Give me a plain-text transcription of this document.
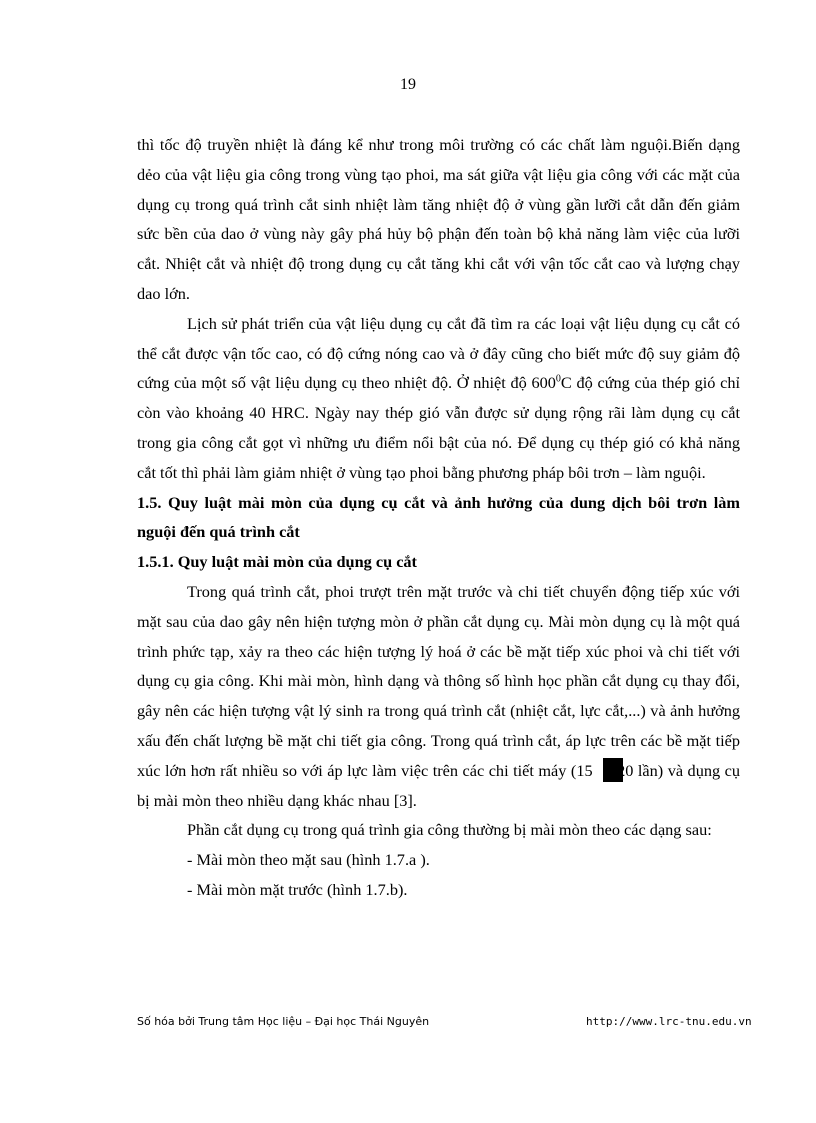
19

thì tốc độ truyền nhiệt là đáng kể như trong môi trường có các chất làm nguội.Biến dạng dẻo của vật liệu gia công trong vùng tạo phoi, ma sát giữa vật liệu gia công với các mặt của dụng cụ trong quá trình cắt sinh nhiệt làm tăng nhiệt độ ở vùng gần lưỡi cắt dẫn đến giảm sức bền của dao ở vùng này gây phá hủy bộ phận đến toàn bộ khả năng làm việc của lưỡi cắt. Nhiệt cắt và nhiệt độ trong dụng cụ cắt tăng khi cắt với vận tốc cắt cao và lượng chạy dao lớn.

Lịch sử phát triển của vật liệu dụng cụ cắt đã tìm ra các loại vật liệu dụng cụ cắt có thể cắt được vận tốc cao, có độ cứng nóng cao và ở đây cũng cho biết mức độ suy giảm độ cứng của một số vật liệu dụng cụ theo nhiệt độ. Ở nhiệt độ $600^0C$ độ cứng của thép gió chỉ còn vào khoảng 40 HRC. Ngày nay thép gió vẫn được sử dụng rộng rãi làm dụng cụ cắt trong gia công cắt gọt vì những ưu điểm nổi bật của nó. Để dụng cụ thép gió có khả năng cắt tốt thì phải làm giảm nhiệt ở vùng tạo phoi bằng phương pháp bôi trơn – làm nguội.

1.5. Quy luật mài mòn của dụng cụ cắt và ảnh hưởng của dung dịch bôi trơn làm nguội đến quá trình cắt

1.5.1. Quy luật mài mòn của dụng cụ cắt

Trong quá trình cắt, phoi trượt trên mặt trước và chi tiết chuyển động tiếp xúc với mặt sau của dao gây nên hiện tượng mòn ở phần cắt dụng cụ. Mài mòn dụng cụ là một quá trình phức tạp, xảy ra theo các hiện tượng lý hoá ở các bề mặt tiếp xúc phoi và chi tiết với dụng cụ gia công. Khi mài mòn, hình dạng và thông số hình học phần cắt dụng cụ thay đổi, gây nên các hiện tượng vật lý sinh ra trong quá trình cắt (nhiệt cắt, lực cắt,...) và ảnh hưởng xấu đến chất lượng bề mặt chi tiết gia công. Trong quá trình cắt, áp lực trên các bề mặt tiếp xúc lớn hơn rất nhiều so với áp lực làm việc trên các chi tiết máy (15 20 lần) và dụng cụ bị mài mòn theo nhiều dạng khác nhau [3].

Phần cắt dụng cụ trong quá trình gia công thường bị mài mòn theo các dạng sau:

- Mài mòn theo mặt sau (hình 1.7.a ).

- Mài mòn mặt trước (hình 1.7.b).

Số hóa bởi Trung tâm Học liệu – Đại học Thái Nguyên	http://www.lrc-tnu.edu.vn
